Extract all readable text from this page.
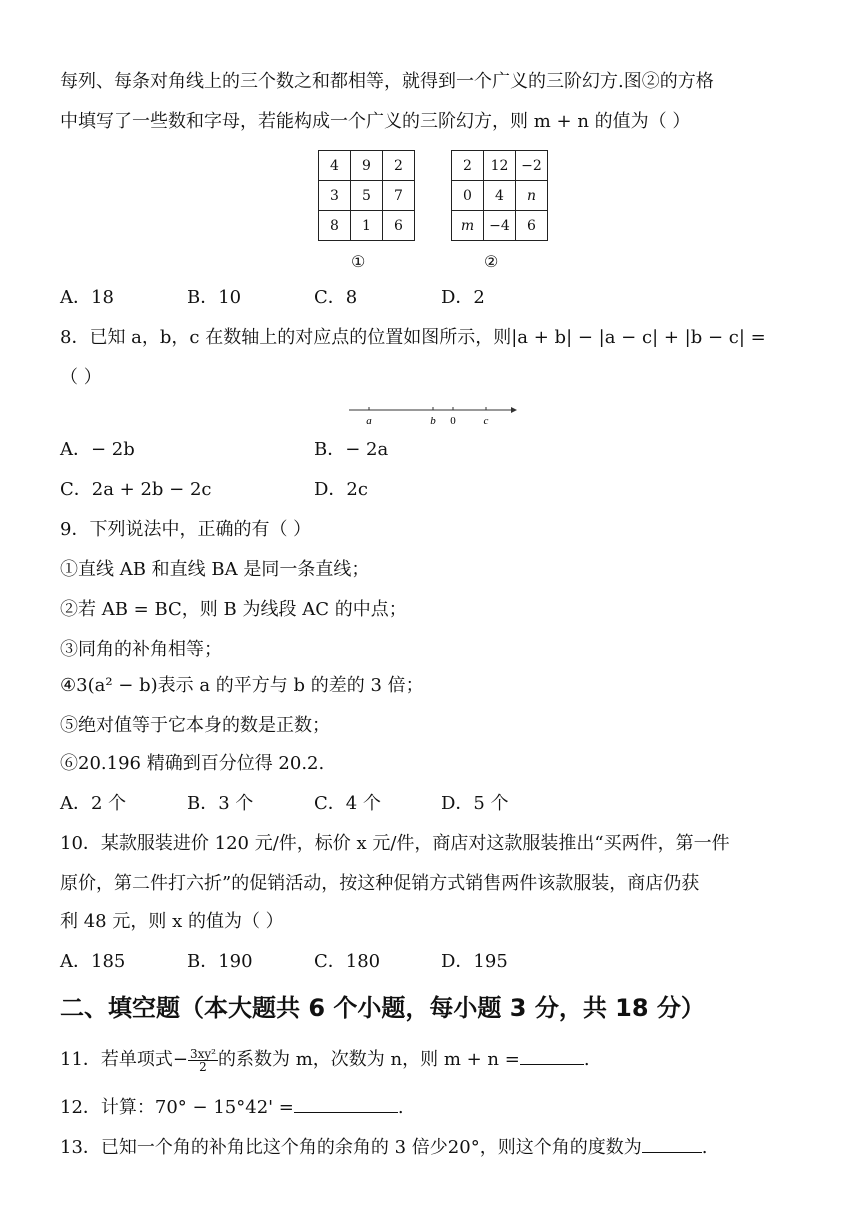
每列、每条对角线上的三个数之和都相等，就得到一个广义的三阶幻方.图②的方格
中填写了一些数和字母，若能构成一个广义的三阶幻方，则 m + n 的值为（ ）
4	9	2
3	5	7
8	1	6
①
2	12	−2
0	4	n
m	−4	6
②
A．18	B．10	C．8	D．2
8．已知 a，b，c 在数轴上的对应点的位置如图所示，则|a + b| − |a − c| + |b − c| =
（ ）
a	b 0	c
A．− 2b	B．− 2a
C．2a + 2b − 2c	D．2c
9．下列说法中，正确的有（ ）
①直线 AB 和直线 BA 是同一条直线；
②若 AB = BC，则 B 为线段 AC 的中点；
③同角的补角相等；
④3(a² − b)表示 a 的平方与 b 的差的 3 倍；
⑤绝对值等于它本身的数是正数；
⑥20.196 精确到百分位得 20.2.
A．2 个	B．3 个	C．4 个	D．5 个
10．某款服装进价 120 元/件，标价 x 元/件，商店对这款服装推出“买两件，第一件
原价，第二件打六折”的促销活动，按这种促销方式销售两件该款服装，商店仍获
利 48 元，则 x 的值为（ ）
A．185	B．190	C．180	D．195
二、填空题（本大题共 6 个小题，每小题 3 分，共 18 分）
11．若单项式− $\frac{\text{3xy²}}{2}$ 的系数为 m，次数为 n，则 m + n =	.
12．计算：70° − 15°42' =	.
13．已知一个角的补角比这个角的余角的 3 倍少20°，则这个角的度数为	.
